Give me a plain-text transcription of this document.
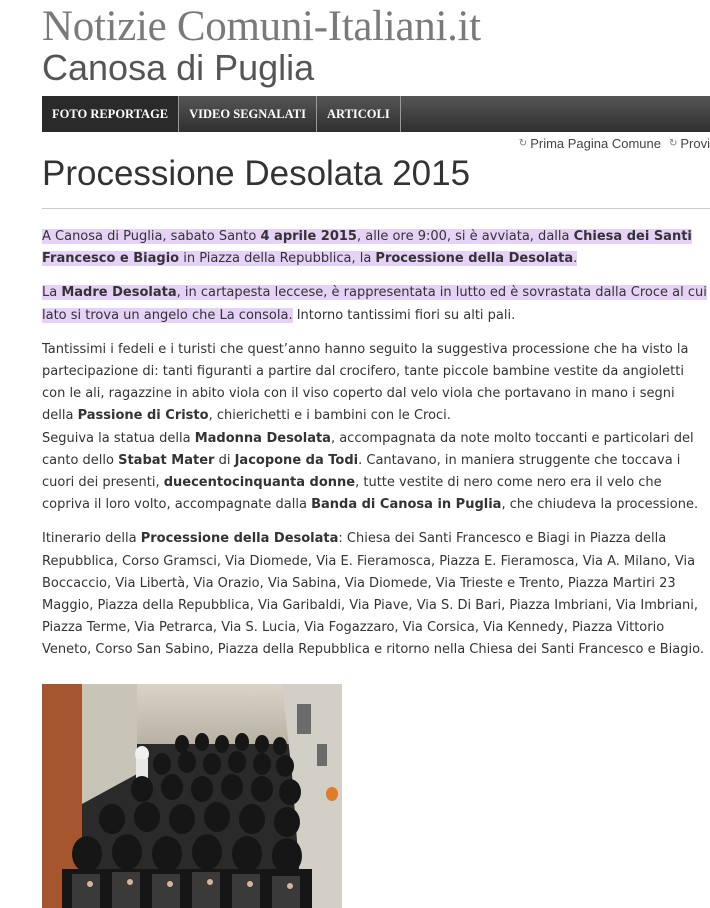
Notizie Comuni-Italiani.it
Canosa di Puglia
FOTO REPORTAGE	VIDEO SEGNALATI	ARTICOLI
↻ Prima Pagina Comune ↻ Provi
Processione Desolata 2015

A Canosa di Puglia, sabato Santo 4 aprile 2015, alle ore 9:00, si è avviata, dalla Chiesa dei Santi Francesco e Biagio in Piazza della Repubblica, la Processione della Desolata.

La Madre Desolata, in cartapesta leccese, è rappresentata in lutto ed è sovrastata dalla Croce al cui lato si trova un angelo che La consola. Intorno tantissimi fiori su alti pali.

Tantissimi i fedeli e i turisti che quest’anno hanno seguito la suggestiva processione che ha visto la partecipazione di: tanti figuranti a partire dal crocifero, tante piccole bambine vestite da angioletti con le ali, ragazzine in abito viola con il viso coperto dal velo viola che portavano in mano i segni della Passione di Cristo, chierichetti e i bambini con le Croci.
Seguiva la statua della Madonna Desolata, accompagnata da note molto toccanti e particolari del canto dello Stabat Mater di Jacopone da Todi. Cantavano, in maniera struggente che toccava i cuori dei presenti, duecentocinquanta donne, tutte vestite di nero come nero era il velo che copriva il loro volto, accompagnate dalla Banda di Canosa in Puglia, che chiudeva la processione.

Itinerario della Processione della Desolata: Chiesa dei Santi Francesco e Biagi in Piazza della Repubblica, Corso Gramsci, Via Diomede, Via E. Fieramosca, Piazza E. Fieramosca, Via A. Milano, Via Boccaccio, Via Libertà, Via Orazio, Via Sabina, Via Diomede, Via Trieste e Trento, Piazza Martiri 23 Maggio, Piazza della Repubblica, Via Garibaldi, Via Piave, Via S. Di Bari, Piazza Imbriani, Via Imbriani, Piazza Terme, Via Petrarca, Via S. Lucia, Via Fogazzaro, Via Corsica, Via Kennedy, Piazza Vittorio Veneto, Corso San Sabino, Piazza della Repubblica e ritorno nella Chiesa dei Santi Francesco e Biagio.
